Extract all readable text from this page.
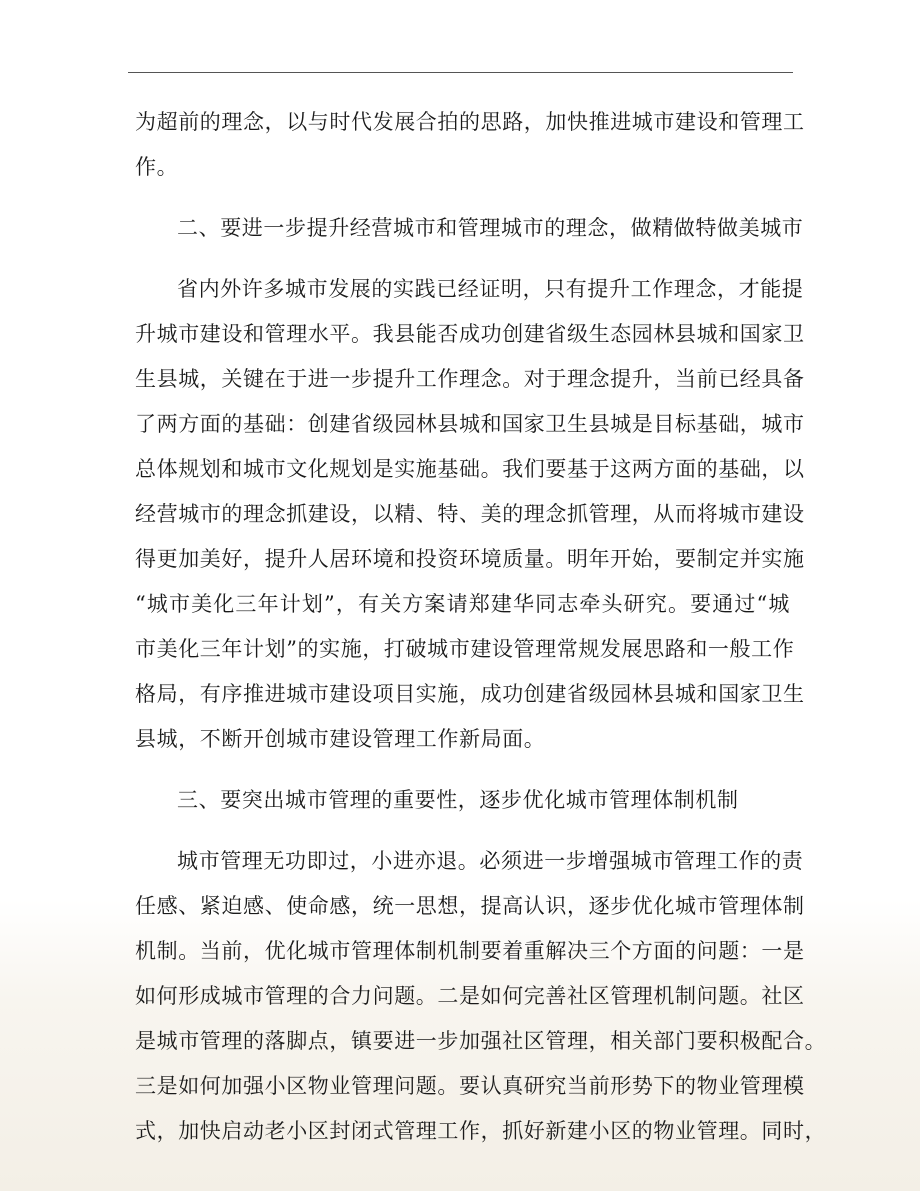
为超前的理念，以与时代发展合拍的思路，加快推进城市建设和管理工
作。
二、要进一步提升经营城市和管理城市的理念，做精做特做美城市
省内外许多城市发展的实践已经证明，只有提升工作理念，才能提
升城市建设和管理水平。我县能否成功创建省级生态园林县城和国家卫
生县城，关键在于进一步提升工作理念。对于理念提升，当前已经具备
了两方面的基础：创建省级园林县城和国家卫生县城是目标基础，城市
总体规划和城市文化规划是实施基础。我们要基于这两方面的基础，以
经营城市的理念抓建设，以精、特、美的理念抓管理，从而将城市建设
得更加美好，提升人居环境和投资环境质量。明年开始，要制定并实施
“城市美化三年计划”，有关方案请郑建华同志牵头研究。要通过“城
市美化三年计划”的实施，打破城市建设管理常规发展思路和一般工作
格局，有序推进城市建设项目实施，成功创建省级园林县城和国家卫生
县城，不断开创城市建设管理工作新局面。
三、要突出城市管理的重要性，逐步优化城市管理体制机制
城市管理无功即过，小进亦退。必须进一步增强城市管理工作的责
任感、紧迫感、使命感，统一思想，提高认识，逐步优化城市管理体制
机制。当前，优化城市管理体制机制要着重解决三个方面的问题：一是
如何形成城市管理的合力问题。二是如何完善社区管理机制问题。社区
是城市管理的落脚点，镇要进一步加强社区管理，相关部门要积极配合。
三是如何加强小区物业管理问题。要认真研究当前形势下的物业管理模
式，加快启动老小区封闭式管理工作，抓好新建小区的物业管理。同时，
